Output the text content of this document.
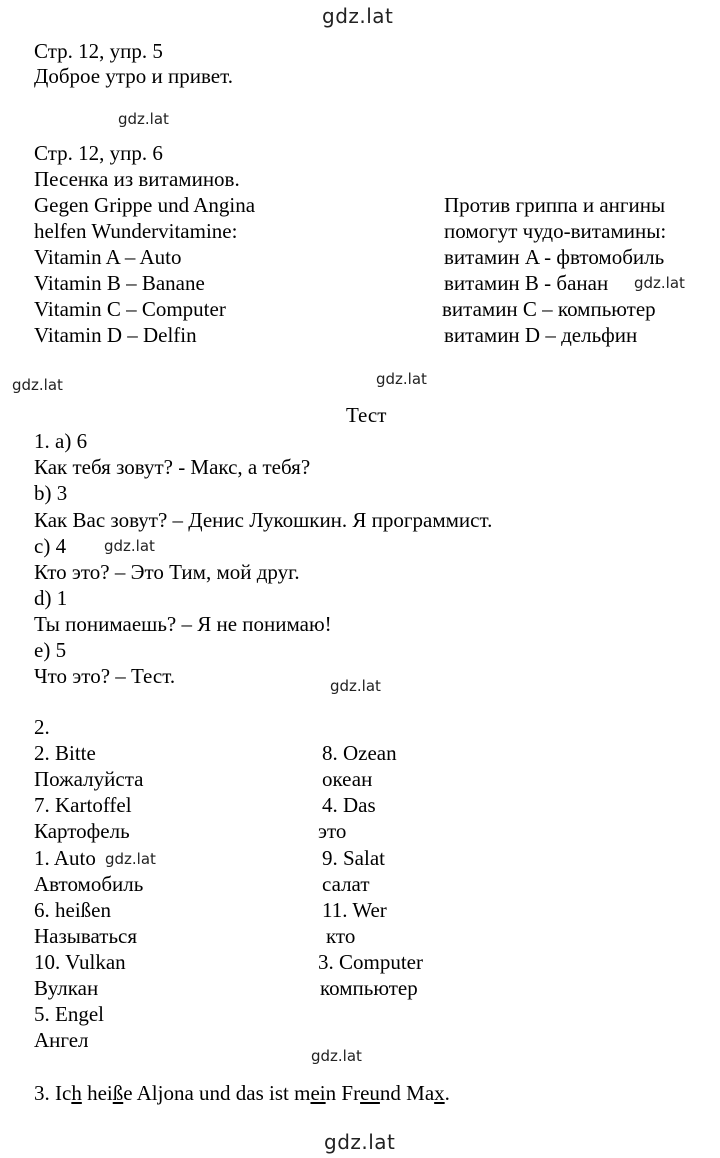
gdz.lat
gdz.lat
gdz.lat
gdz.lat	gdz.lat
gdz.lat
gdz.lat
gdz.lat
gdz.lat
gdz.lat
Стр. 12, упр. 5
Доброе утро и привет.
Стр. 12, упр. 6
Песенка из витаминов.
Gegen Grippe und Angina
helfen Wundervitamine:
Vitamin A – Auto
Vitamin B – Banane
Vitamin C – Computer
Vitamin D – Delfin
Против гриппа и ангины
помогут чудо-витамины:
витамин A - фвтомобиль
витамин B - банан
витамин C – компьютер
витамин D – дельфин
Тест
1. a) 6
Как тебя зовут? - Макс, а тебя?
b) 3
Как Вас зовут? – Денис Лукошкин. Я программист.
c) 4
Кто это? – Это Тим, мой друг.
d) 1
Ты понимаешь? – Я не понимаю!
e) 5
Что это? – Тест.
2.
2. Bitte
Пожалуйста
7. Kartoffel
Картофель
1. Auto
Автомобиль
6. heißen
Называться
10. Vulkan
Вулкан
5. Engel
Ангел
8. Ozean
океан
4. Das
это
9. Salat
салат
11. Wer
кто
3. Computer
компьютер
3. Ich heiße Aljona und das ist mein Freund Max.
